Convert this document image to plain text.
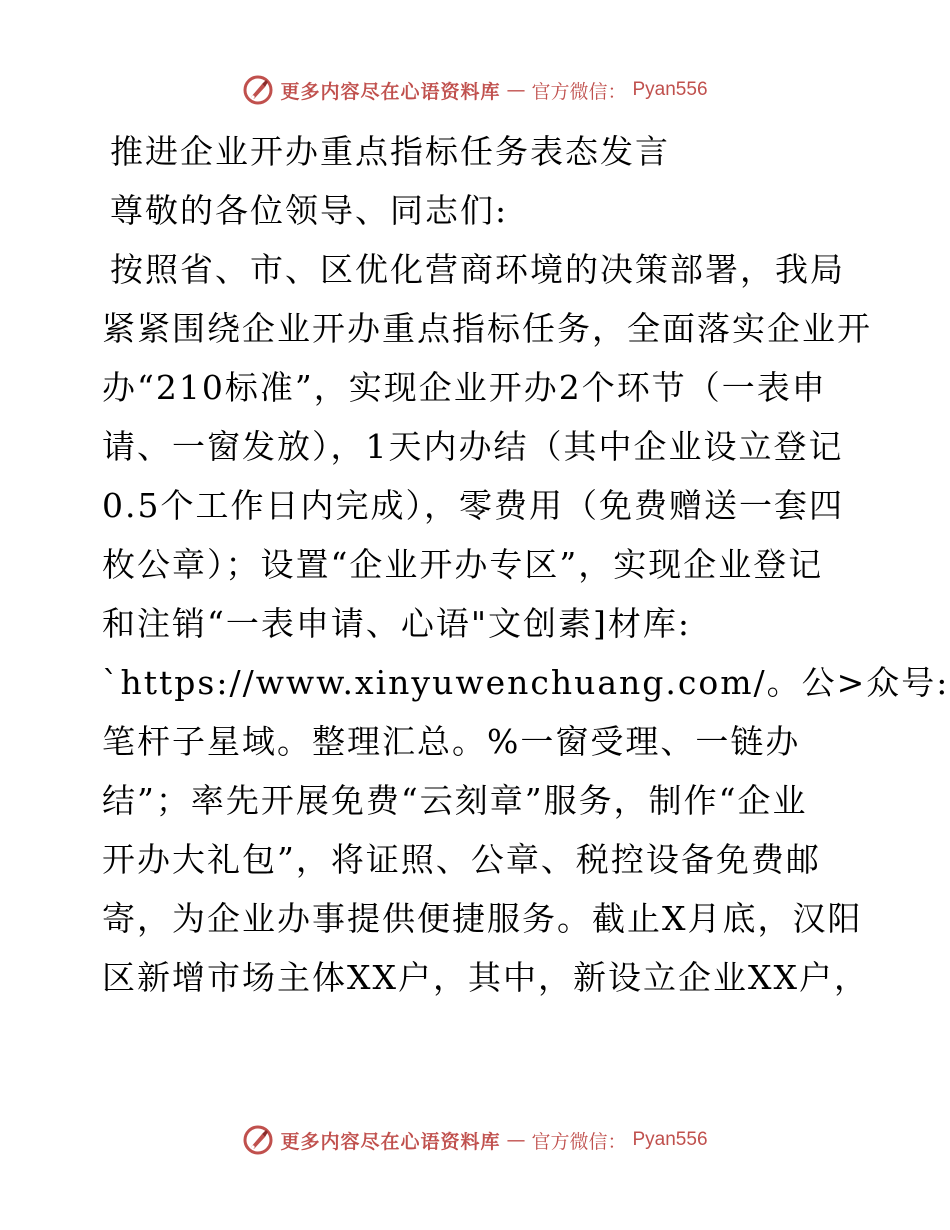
更多内容尽在心语资料库 — 官方微信： Pyan556
推进企业开办重点指标任务表态发言
尊敬的各位领导、同志们:
按照省、市、区优化营商环境的决策部署，我局
紧紧围绕企业开办重点指标任务，全面落实企业开
办“210标准”，实现企业开办2个环节（一表申
请、一窗发放），1天内办结（其中企业设立登记
0.5个工作日内完成），零费用（免费赠送一套四
枚公章）；设置“企业开办专区”，实现企业登记
和注销“一表申请、心语"文创素]材库:
`https://www.xinyuwenchuang.com/。公>众号:
笔杆子星域。整理汇总。%一窗受理、一链办
结”；率先开展免费“云刻章”服务，制作“企业
开办大礼包”，将证照、公章、税控设备免费邮
寄，为企业办事提供便捷服务。截止X月底，汉阳
区新增市场主体XX户，其中，新设立企业XX户，
更多内容尽在心语资料库 — 官方微信： Pyan556
